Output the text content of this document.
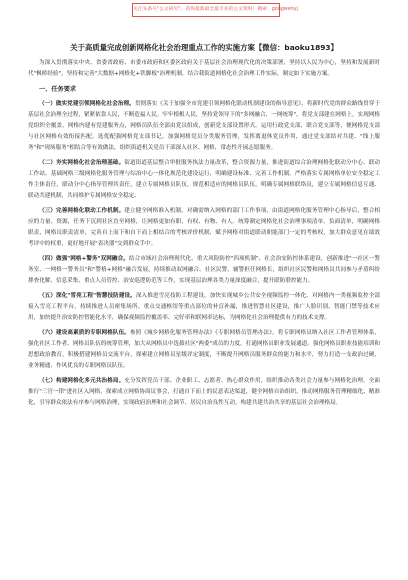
关注头条号"公文研究"，获得最新最全最专业的公文资料！搜索：gongwenyj
关于高质量完成创新网格化社会治理重点工作的实施方案【微信：baoku1893】

为深入贯彻落实中央、省委省政府、市委市政府和区委区政府关于基层社会治理现代化的决策部署，坚持以人民为中心，坚持和发展新时代"枫桥经验"，坚持和完善"大数据+网格化+铁脚板"治理机制，结合我街道网格化社会治理工作实际，制定如下实施方案。

一、任务要求

（一）做实党建引领网格化社会治理。贯彻落实《关于加强全市党建引领网格化联动机制建设的指导意见》，将新时代党的群众路线贯穿于基层社会治理全过程，紧紧依靠人民，不断造福人民。牢牢植根人民，坚持党领导下的"多网融合、一网统筹"，将党支部建在网格上，实现网格党组织全覆盖，网格内建有党建服务点，网格员队伍全部由党员组成，创新党支部设置形式。运用行政党支部，联合党支部等，便网格党支部与社区网格有效衔接匹配。选优配强网格党支部书记，加强网格党员分类服务管理，发挥离退休党员作用，通过党支部结对共建、"线上服务"和"现场服务"相结合等有效做法，组织街道机关党员干部深入社区、网格，常态性开展志愿服务。

（二）夯实网格化社会治理基础。街道街道基层整合审批服务执法力量改革，整合资源力量，推进街道综合治理网格化联动分中心、联动工作站。基础网格三级网格化服务管理与综治中心一体化规范化建设运行，明确建设标准、完善工作机制。严格落实专属网格单位安全稳定工作主体责任，联动分中心指导管理其责任，建立专属网格员队伍，规范相适应的网格员队伍，明确专属网格联络员，建立专属网格信息互通、联动共建机制，共同维护专属网格安全稳定。

（三）完善网格化联动工作机制。建立健全网格准入机制，对确需纳入网格的部门工作事项，由街道网格化服务管理中心指导后，整合相应的力量、资源，任务下沉到社区直至网格，让网格更加有职、有权、有物、有人。统筹制定网格化社会治理事项清单、负面清单，明确网格职责，网格员职责清单，完善自上而下和自下而上相结合的考核评价机制，赋予网格对街道联动职能部门一定的考核权，加大群众意见在绩效考评中的权重，更好地开展"表决器"交到群众手中。

（四）做强"网格+警务"双网融合。结合市域社会治理现代化、重大风险防控"四项机制"、社会治安防控体系建设，创新推进"一社区一警务室、一网格一警务员"和"警格+网格"融合发展，持续推动双网融合、社区民警、辅警担任网格长，组织社区民警和网格员共同参与矛盾纠纷排查化解、信息采集、重点人员管控、治安巡逻防范等工作，实现基层治理各类力量深度融合，提升联防联控能力。

（五）深化"雪亮工程"智慧技防建设。深入推进雪亮技防工程建设，加快实现城乡公共安全视频监控一体化、对网格内一类视频监控全部接入雪亮工程平台，持续推进人员密集场所、重点交通枢纽等重点部位的补盲补漏，推进智慧社区建设，推广人脸识别、智能门禁等技术应用，加快提升治安防控智能化水平，确保视频监控覆盖率、完好率和联网率达标，为网格化社会治理提供有力的技术支撑。

（六）建设高素质的专职网格队伍。参照《城乡网格化服务管理办法》《专职网格员管理办法》，将专职网格员纳入社区工作者管理体系，强化社区工作者、网格员队伍的统筹管理，加大从网格员中选拔社区"两委"成员的力度，打通网格员职业发展通道。强化网格员职业技能培训和思想政治教育，积极搭建网格员交流平台，探索建立网格员星级评定制度，不断提升网格员服务群众的能力和水平，努力打造一支政治过硬、业务精通、作风优良的专职网格员队伍。

（七）构建网格化多元共治格局。充分发挥党员干部、企业职工、志愿者、热心群众作用，组织推动各类社会力量参与网格化治理，全面推行"三官一律"进社区入网格，探索成立网格协商议事会，打通自下而上的民意表达渠道，健全网格自治组织，推动网格服务管理精细化、精准化，引导群众依法有序参与网格治理，实现政府治理和社会调节、居民自治良性互动，构建共建共治共享的基层社会治理格局。
